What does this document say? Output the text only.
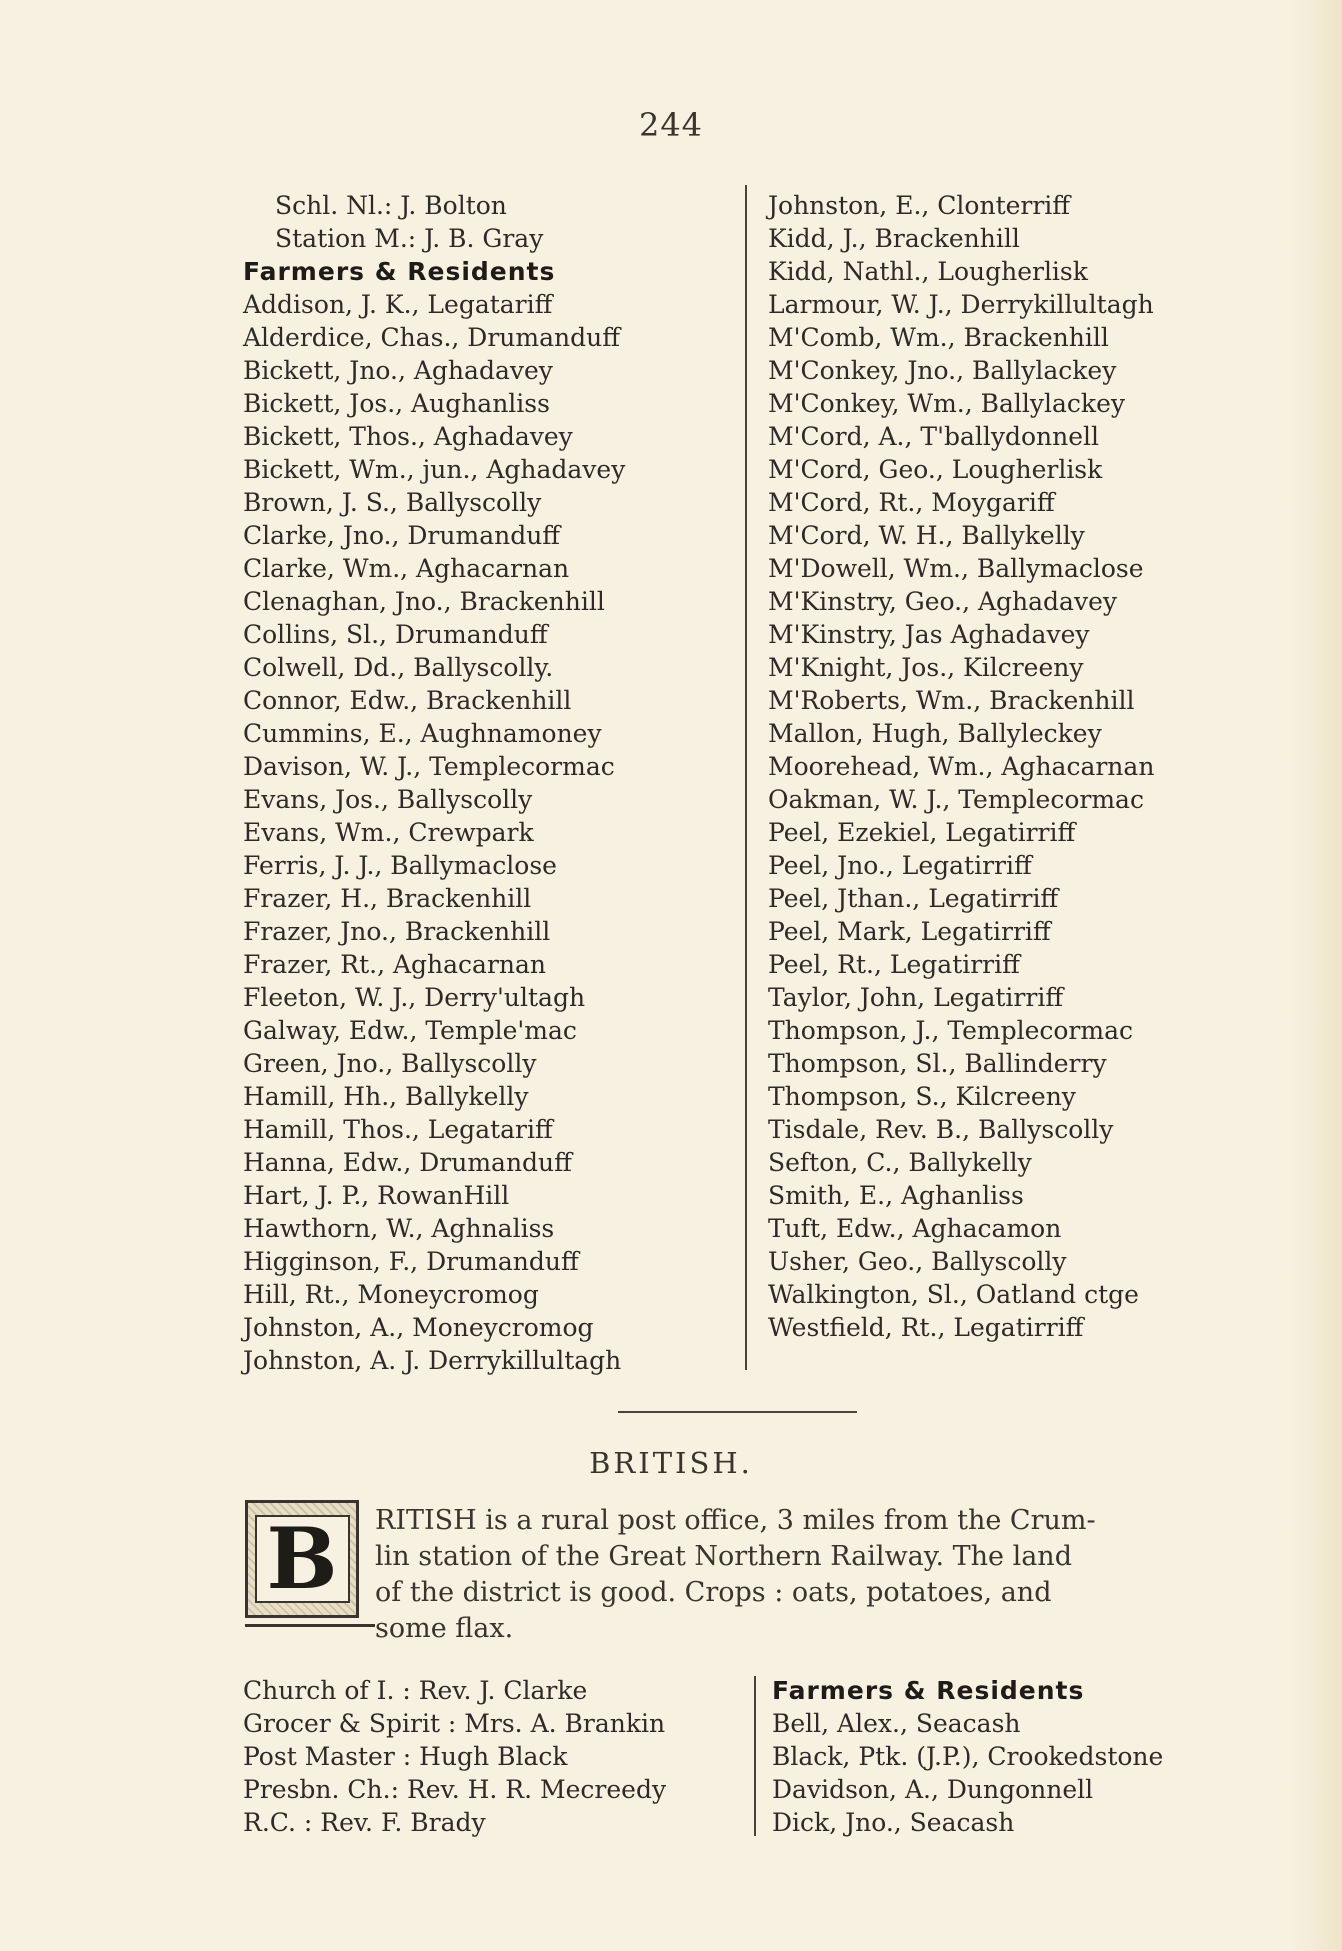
244
Schl. Nl.: J. Bolton
Station M.: J. B. Gray
Farmers & Residents
Addison, J. K., Legatariff
Alderdice, Chas., Drumanduff
Bickett, Jno., Aghadavey
Bickett, Jos., Aughanliss
Bickett, Thos., Aghadavey
Bickett, Wm., jun., Aghadavey
Brown, J. S., Ballyscolly
Clarke, Jno., Drumanduff
Clarke, Wm., Aghacarnan
Clenaghan, Jno., Brackenhill
Collins, Sl., Drumanduff
Colwell, Dd., Ballyscolly.
Connor, Edw., Brackenhill
Cummins, E., Aughnamoney
Davison, W. J., Templecormac
Evans, Jos., Ballyscolly
Evans, Wm., Crewpark
Ferris, J. J., Ballymaclose
Frazer, H., Brackenhill
Frazer, Jno., Brackenhill
Frazer, Rt., Aghacarnan
Fleeton, W. J., Derry'ultagh
Galway, Edw., Temple'mac
Green, Jno., Ballyscolly
Hamill, Hh., Ballykelly
Hamill, Thos., Legatariff
Hanna, Edw., Drumanduff
Hart, J. P., RowanHill
Hawthorn, W., Aghnaliss
Higginson, F., Drumanduff
Hill, Rt., Moneycromog
Johnston, A., Moneycromog
Johnston, A. J. Derrykillultagh
Johnston, E., Clonterriff
Kidd, J., Brackenhill
Kidd, Nathl., Lougherlisk
Larmour, W. J., Derrykillultagh
M'Comb, Wm., Brackenhill
M'Conkey, Jno., Ballylackey
M'Conkey, Wm., Ballylackey
M'Cord, A., T'ballydonnell
M'Cord, Geo., Lougherlisk
M'Cord, Rt., Moygariff
M'Cord, W. H., Ballykelly
M'Dowell, Wm., Ballymaclose
M'Kinstry, Geo., Aghadavey
M'Kinstry, Jas Aghadavey
M'Knight, Jos., Kilcreeny
M'Roberts, Wm., Brackenhill
Mallon, Hugh, Ballyleckey
Moorehead, Wm., Aghacarnan
Oakman, W. J., Templecormac
Peel, Ezekiel, Legatirriff
Peel, Jno., Legatirriff
Peel, Jthan., Legatirriff
Peel, Mark, Legatirriff
Peel, Rt., Legatirriff
Taylor, John, Legatirriff
Thompson, J., Templecormac
Thompson, Sl., Ballinderry
Thompson, S., Kilcreeny
Tisdale, Rev. B., Ballyscolly
Sefton, C., Ballykelly
Smith, E., Aghanliss
Tuft, Edw., Aghacamon
Usher, Geo., Ballyscolly
Walkington, Sl., Oatland ctge
Westfield, Rt., Legatirriff
BRITISH.
B	RITISH is a rural post office, 3 miles from the Crum-
lin station of the Great Northern Railway. The land
of the district is good. Crops : oats, potatoes, and
some flax.
Church of I. : Rev. J. Clarke
Grocer & Spirit : Mrs. A. Brankin
Post Master : Hugh Black
Presbn. Ch.: Rev. H. R. Mecreedy
R.C. : Rev. F. Brady
Farmers & Residents
Bell, Alex., Seacash
Black, Ptk. (J.P.), Crookedstone
Davidson, A., Dungonnell
Dick, Jno., Seacash
